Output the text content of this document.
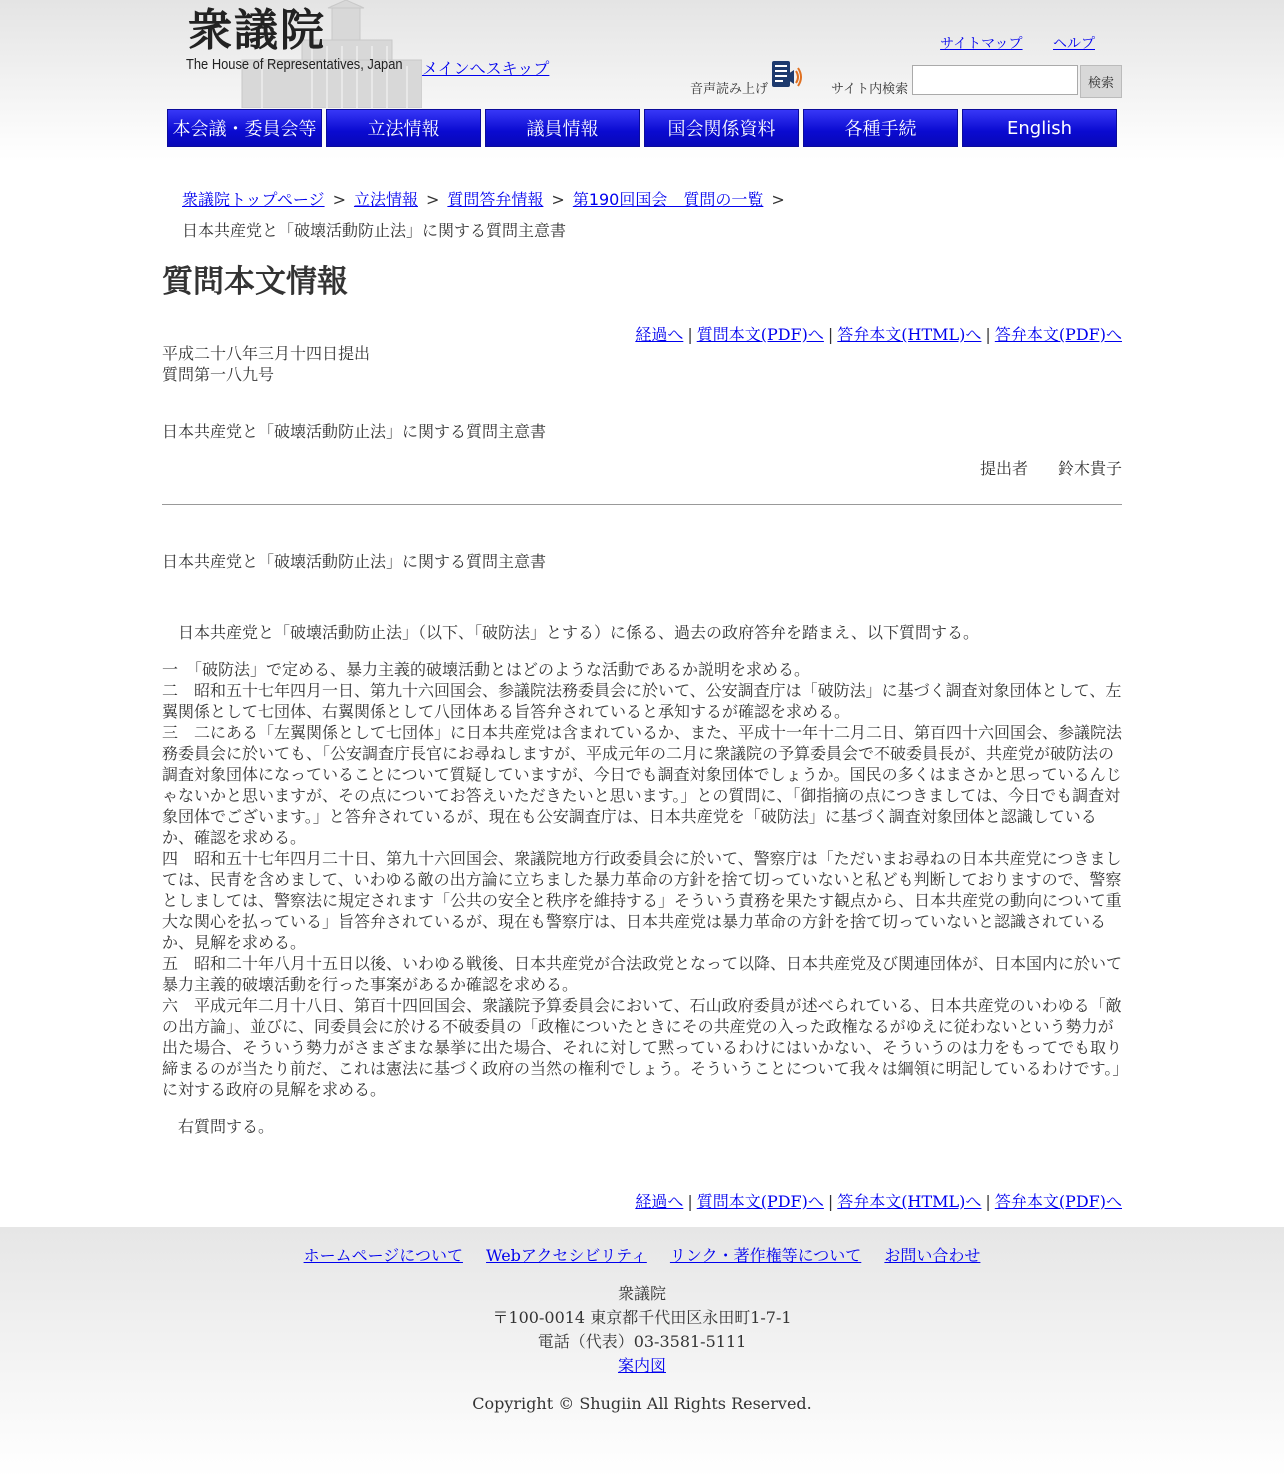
衆議院
The House of Representatives, Japan メインへスキップ
サイトマップ ヘルプ
音声読み上げ	サイト内検索	検索
本会議・委員会等	立法情報	議員情報	国会関係資料	各種手続	English
衆議院トップページ > 立法情報 > 質問答弁情報 > 第190回国会　質問の一覧 >
日本共産党と「破壊活動防止法」に関する質問主意書
質問本文情報
経過へ | 質問本文(PDF)へ | 答弁本文(HTML)へ | 答弁本文(PDF)へ
平成二十八年三月十四日提出
質問第一八九号
日本共産党と「破壊活動防止法」に関する質問主意書
提出者 鈴木貴子
日本共産党と「破壊活動防止法」に関する質問主意書

日本共産党と「破壊活動防止法」（以下、「破防法」とする）に係る、過去の政府答弁を踏まえ、以下質問する。

一　「破防法」で定める、暴力主義的破壊活動とはどのような活動であるか説明を求める。

二　昭和五十七年四月一日、第九十六回国会、参議院法務委員会に於いて、公安調査庁は「破防法」に基づく調査対象団体として、左翼関係として七団体、右翼関係として八団体ある旨答弁されていると承知するが確認を求める。

三　二にある「左翼関係として七団体」に日本共産党は含まれているか、また、平成十一年十二月二日、第百四十六回国会、参議院法務委員会に於いても、「公安調査庁長官にお尋ねしますが、平成元年の二月に衆議院の予算委員会で不破委員長が、共産党が破防法の調査対象団体になっていることについて質疑していますが、今日でも調査対象団体でしょうか。国民の多くはまさかと思っているんじゃないかと思いますが、その点についてお答えいただきたいと思います。」との質問に、「御指摘の点につきましては、今日でも調査対象団体でございます。」と答弁されているが、現在も公安調査庁は、日本共産党を「破防法」に基づく調査対象団体と認識しているか、確認を求める。

四　昭和五十七年四月二十日、第九十六回国会、衆議院地方行政委員会に於いて、警察庁は「ただいまお尋ねの日本共産党につきましては、民青を含めまして、いわゆる敵の出方論に立ちました暴力革命の方針を捨て切っていないと私ども判断しておりますので、警察としましては、警察法に規定されます「公共の安全と秩序を維持する」そういう責務を果たす観点から、日本共産党の動向について重大な関心を払っている」旨答弁されているが、現在も警察庁は、日本共産党は暴力革命の方針を捨て切っていないと認識されているか、見解を求める。

五　昭和二十年八月十五日以後、いわゆる戦後、日本共産党が合法政党となって以降、日本共産党及び関連団体が、日本国内に於いて暴力主義的破壊活動を行った事案があるか確認を求める。

六　平成元年二月十八日、第百十四回国会、衆議院予算委員会において、石山政府委員が述べられている、日本共産党のいわゆる「敵の出方論」、並びに、同委員会に於ける不破委員の「政権についたときにその共産党の入った政権なるがゆえに従わないという勢力が出た場合、そういう勢力がさまざまな暴挙に出た場合、それに対して黙っているわけにはいかない、そういうのは力をもってでも取り締まるのが当たり前だ、これは憲法に基づく政府の当然の権利でしょう。そういうことについて我々は綱領に明記しているわけです。」に対する政府の見解を求める。

右質問する。

経過へ | 質問本文(PDF)へ | 答弁本文(HTML)へ | 答弁本文(PDF)へ
ホームページについて Webアクセシビリティ リンク・著作権等について お問い合わせ
衆議院
〒100-0014 東京都千代田区永田町1-7-1
電話（代表）03-3581-5111
案内図
Copyright © Shugiin All Rights Reserved.
